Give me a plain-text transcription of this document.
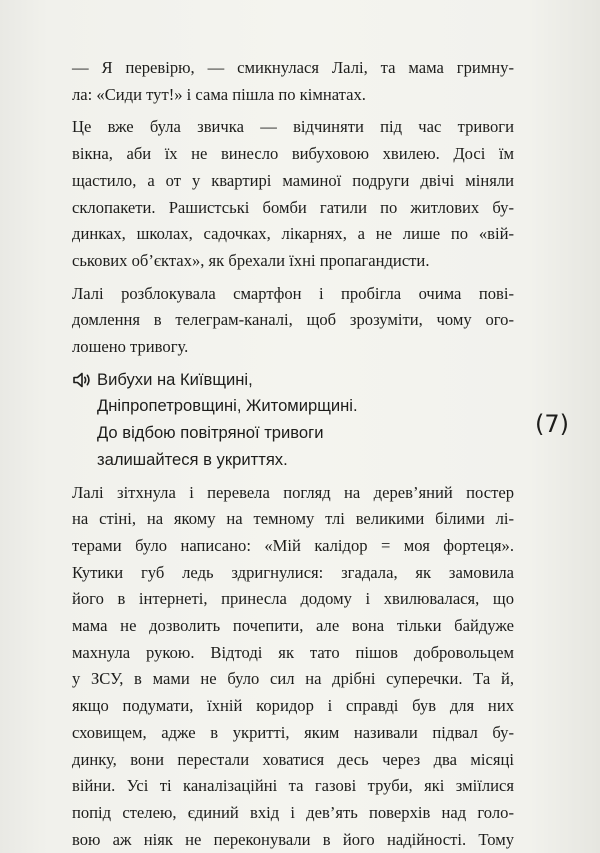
— Я перевірю, — смикнулася Лалі, та мама гримну-
ла: «Сиди тут!» і сама пішла по кімнатах.

Це вже була звичка — відчиняти під час тривоги
вікна, аби їх не винесло вибуховою хвилею. Досі їм
щастило, а от у квартирі маминої подруги двічі міняли
склопакети. Рашистські бомби гатили по житлових бу-
динках, школах, садочках, лікарнях, а не лише по «вій-
ськових об’єктах», як брехали їхні пропагандисти.

Лалі розблокувала смартфон і пробігла очима пові-
домлення в телеграм-каналі, щоб зрозуміти, чому ого-
лошено тривогу.

Вибухи на Київщині,
Дніпропетровщині, Житомирщині.
До відбою повітряної тривоги
залишайтеся в укриттях.

Лалі зітхнула і перевела погляд на дерев’яний постер
на стіні, на якому на темному тлі великими білими лі-
терами було написано: «Мій калідор = моя фортеця».
Кутики губ ледь здригнулися: згадала, як замовила
його в інтернеті, принесла додому і хвилювалася, що
мама не дозволить почепити, але вона тільки байдуже
махнула рукою. Відтоді як тато пішов добровольцем
у ЗСУ, в мами не було сил на дрібні суперечки. Та й,
якщо подумати, їхній коридор і справді був для них
сховищем, адже в укритті, яким називали підвал бу-
динку, вони перестали ховатися десь через два місяці
війни. Усі ті каналізаційні та газові труби, які зміїлися
попід стелею, єдиний вхід і дев’ять поверхів над голо-
вою аж ніяк не переконували в його надійності. Тому

(7)
